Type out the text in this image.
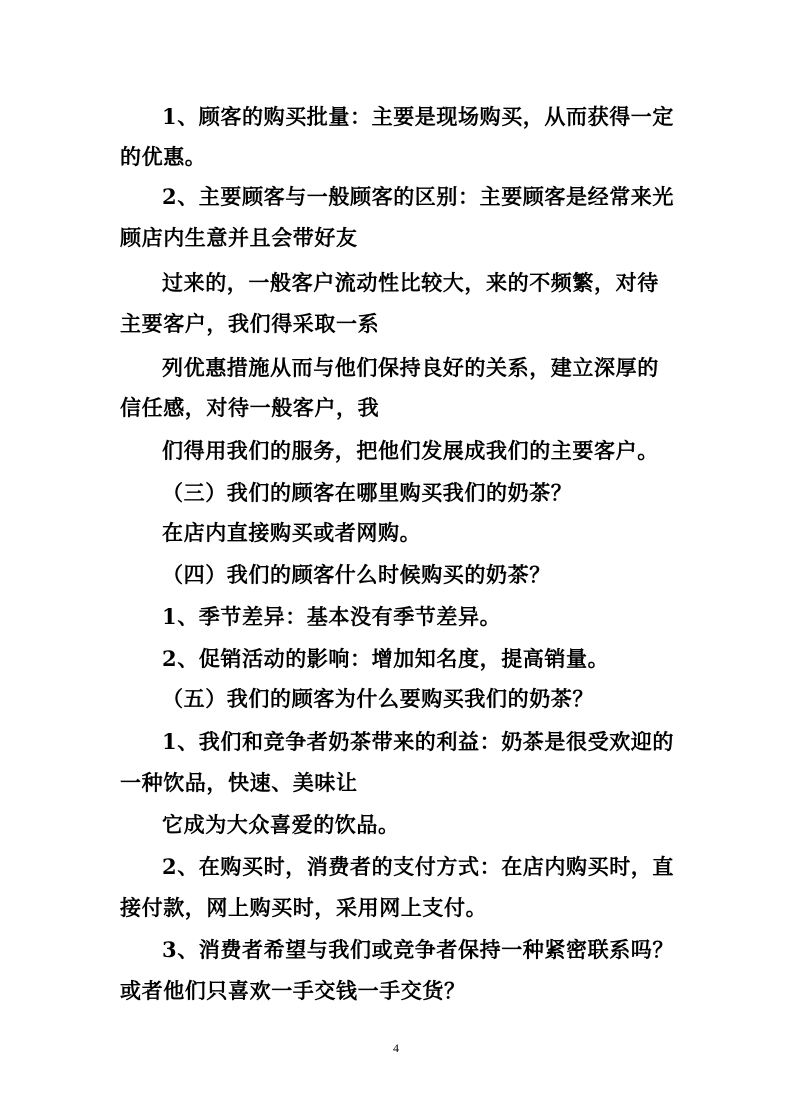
1、顾客的购买批量：主要是现场购买，从而获得一定
的优惠。
2、主要顾客与一般顾客的区别：主要顾客是经常来光
顾店内生意并且会带好友
过来的，一般客户流动性比较大，来的不频繁，对待
主要客户，我们得采取一系
列优惠措施从而与他们保持良好的关系，建立深厚的
信任感，对待一般客户，我
们得用我们的服务，把他们发展成我们的主要客户。
（三）我们的顾客在哪里购买我们的奶茶？
在店内直接购买或者网购。
（四）我们的顾客什么时候购买的奶茶？
1、季节差异：基本没有季节差异。
2、促销活动的影响：增加知名度，提高销量。
（五）我们的顾客为什么要购买我们的奶茶？
1、我们和竞争者奶茶带来的利益：奶茶是很受欢迎的
一种饮品，快速、美味让
它成为大众喜爱的饮品。
2、在购买时，消费者的支付方式：在店内购买时，直
接付款，网上购买时，采用网上支付。
3、消费者希望与我们或竞争者保持一种紧密联系吗？
或者他们只喜欢一手交钱一手交货？
4
